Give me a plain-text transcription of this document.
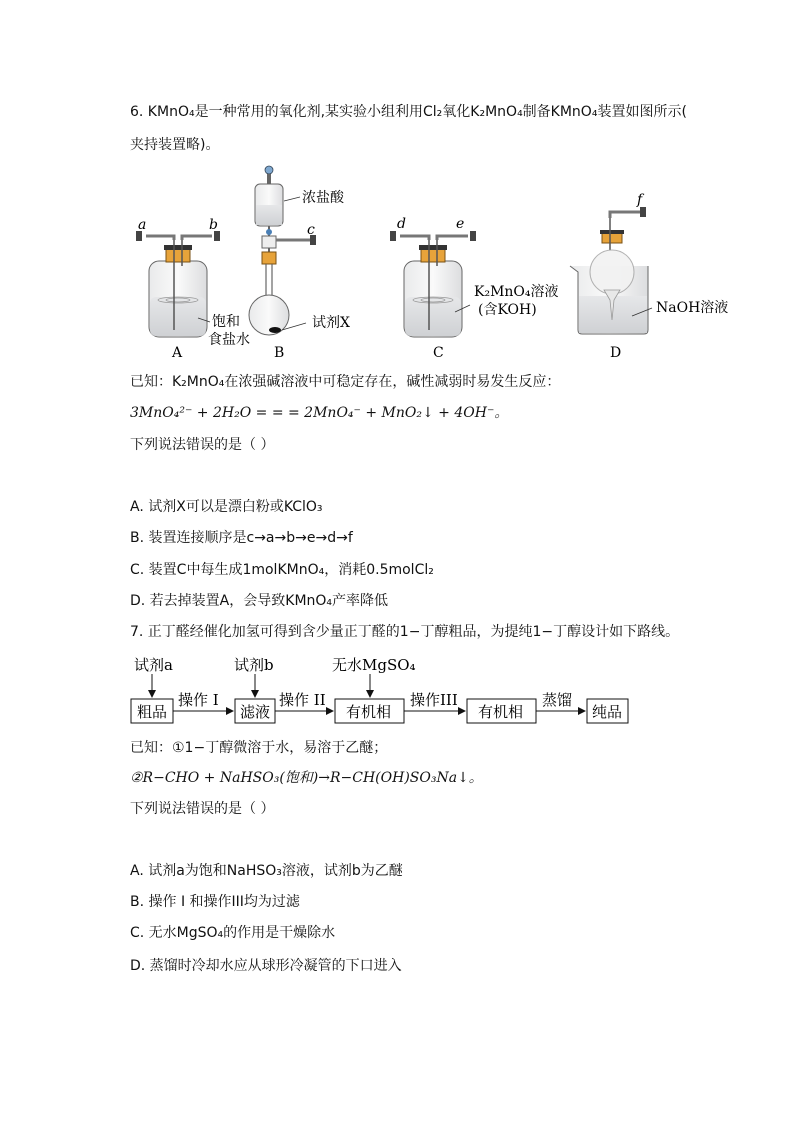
6. KMnO₄是一种常用的氧化剂,某实验小组利用Cl₂氧化K₂MnO₄制备KMnO₄装置如图所示(
夹持装置略)。
a	b
饱和
食盐水
A
c
浓盐酸
试剂X
B
d	e
K₂MnO₄溶液
(含KOH)
C
f
NaOH溶液
D
已知：K₂MnO₄在浓强碱溶液中可稳定存在，碱性减弱时易发生反应：
3MnO₄²⁻ + 2H₂O = = = 2MnO₄⁻ + MnO₂↓ + 4OH⁻。
下列说法错误的是（ ）
A. 试剂X可以是漂白粉或KClO₃
B. 装置连接顺序是c→a→b→e→d→f
C. 装置C中每生成1molKMnO₄，消耗0.5molCl₂
D. 若去掉装置A，会导致KMnO₄产率降低
7. 正丁醛经催化加氢可得到含少量正丁醛的1−丁醇粗品，为提纯1−丁醇设计如下路线。
试剂a	试剂b	无水MgSO₄
粗品	滤液	有机相	有机相	纯品
操作 I	操作 II	操作III	蒸馏
已知：①1−丁醇微溶于水，易溶于乙醚；
②R−CHO + NaHSO₃(饱和)→R−CH(OH)SO₃Na↓。
下列说法错误的是（ ）
A. 试剂a为饱和NaHSO₃溶液，试剂b为乙醚
B. 操作 I 和操作III均为过滤
C. 无水MgSO₄的作用是干燥除水
D. 蒸馏时冷却水应从球形冷凝管的下口进入
